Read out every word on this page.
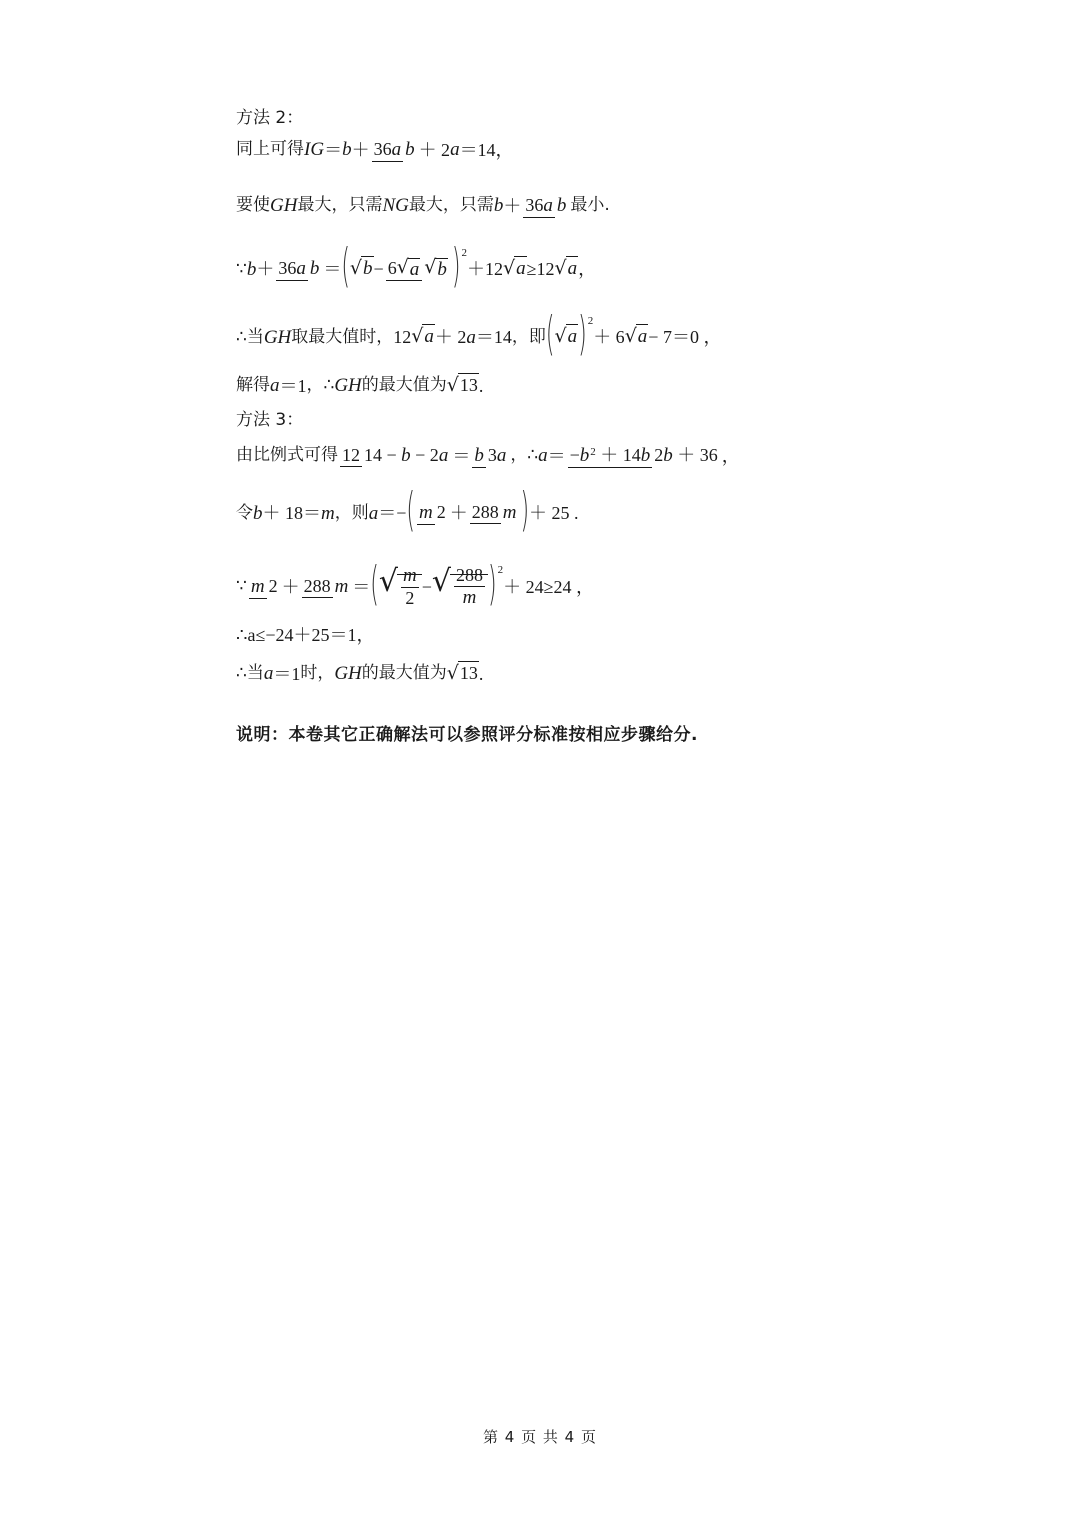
方法 2：
同上可得IG＝b＋36a b＋ 2a＝14，
要使GH最大，只需NG最大，只需b＋36a b最小.
∵b＋36a b ＝(√b−6 √ a √ b )2＋12√a≥12√a，
∴当GH取最大值时，12√a＋ 2a＝14，即(√a)2＋ 6√a− 7＝0 ，
解得a＝1，∴GH的最大值为√13.
方法 3：
由比例式可得 12 14 − b − 2a ＝ b 3a ，∴a＝ $-b^2 + 14b$ 2b ＋ 36，
令b＋ 18＝m，则a＝−( m 2 ＋ 288 m )＋ 25 .
∵ m 2 ＋ 288 m ＝(√ $\frac{m}{2}$ −√ $\frac{288}{m} )2+ 24\ge 24$ ，
∴a≤−24＋25＝1，
∴当a＝1时，GH的最大值为√13.
说明：本卷其它正确解法可以参照评分标准按相应步骤给分.
第 4 页 共 4 页
